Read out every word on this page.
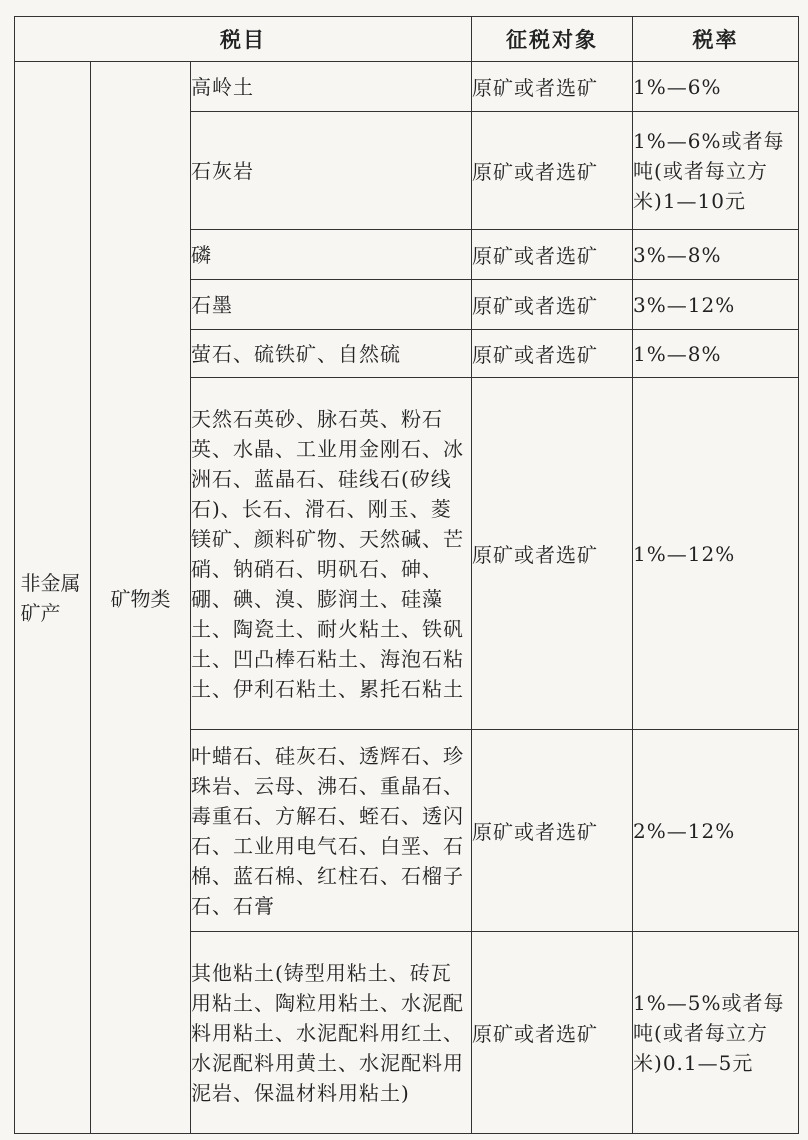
税目			征税对象	税率
非金属矿产	矿物类	高岭土	原矿或者选矿	1%—6%
		石灰岩	原矿或者选矿	1%—6%或者每吨(或者每立方米)1—10元
		磷	原矿或者选矿	3%—8%
		石墨	原矿或者选矿	3%—12%
		萤石、硫铁矿、自然硫	原矿或者选矿	1%—8%
		天然石英砂、脉石英、粉石英、水晶、工业用金刚石、冰洲石、蓝晶石、硅线石(矽线石)、长石、滑石、刚玉、菱镁矿、颜料矿物、天然碱、芒硝、钠硝石、明矾石、砷、硼、碘、溴、膨润土、硅藻土、陶瓷土、耐火粘土、铁矾土、凹凸棒石粘土、海泡石粘土、伊利石粘土、累托石粘土	原矿或者选矿	1%—12%
		叶蜡石、硅灰石、透辉石、珍珠岩、云母、沸石、重晶石、毒重石、方解石、蛭石、透闪石、工业用电气石、白垩、石棉、蓝石棉、红柱石、石榴子石、石膏	原矿或者选矿	2%—12%
		其他粘土(铸型用粘土、砖瓦用粘土、陶粒用粘土、水泥配料用粘土、水泥配料用红土、水泥配料用黄土、水泥配料用泥岩、保温材料用粘土)	原矿或者选矿	1%—5%或者每吨(或者每立方米)0.1—5元
